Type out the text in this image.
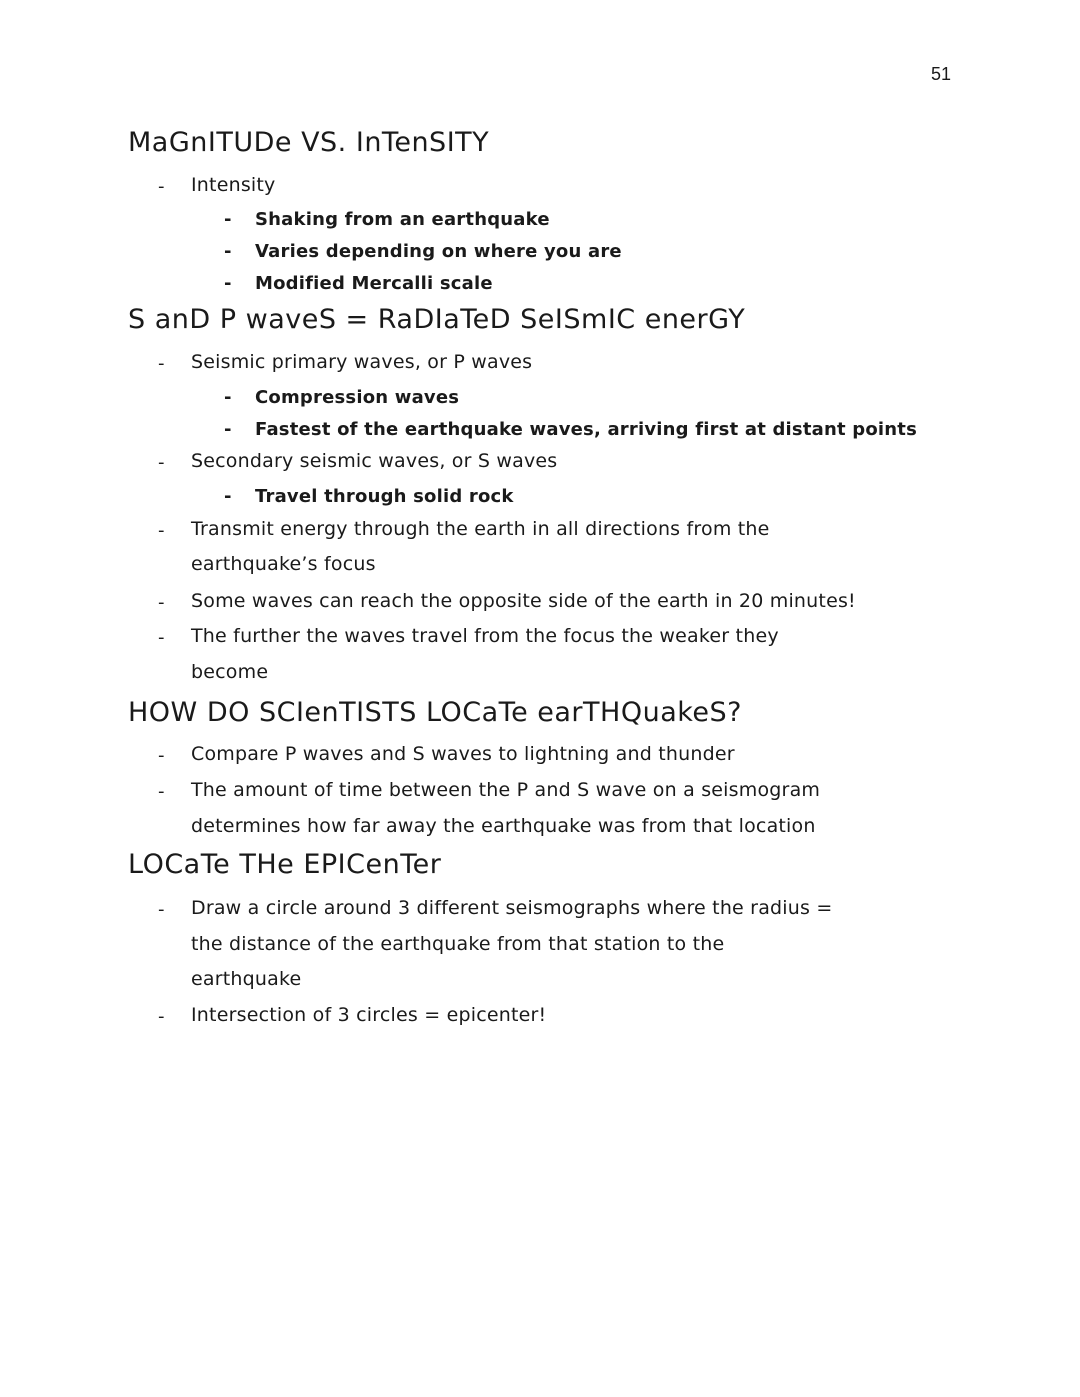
51
MaGnITUDe VS. InTenSITY
- Intensity
- Shaking from an earthquake
- Varies depending on where you are
- Modified Mercalli scale
S anD P waveS = RaDIaTeD SeISmIC enerGY
- Seismic primary waves, or P waves
- Compression waves
- Fastest of the earthquake waves, arriving first at distant points
- Secondary seismic waves, or S waves
- Travel through solid rock
- Transmit energy through the earth in all directions from the
earthquake’s focus
- Some waves can reach the opposite side of the earth in 20 minutes!
- The further the waves travel from the focus the weaker they
become
HOW DO SCIenTISTS LOCaTe earTHQuakeS?
- Compare P waves and S waves to lightning and thunder
- The amount of time between the P and S wave on a seismogram
determines how far away the earthquake was from that location
LOCaTe THe EPICenTer
- Draw a circle around 3 different seismographs where the radius =
the distance of the earthquake from that station to the
earthquake
- Intersection of 3 circles = epicenter!
